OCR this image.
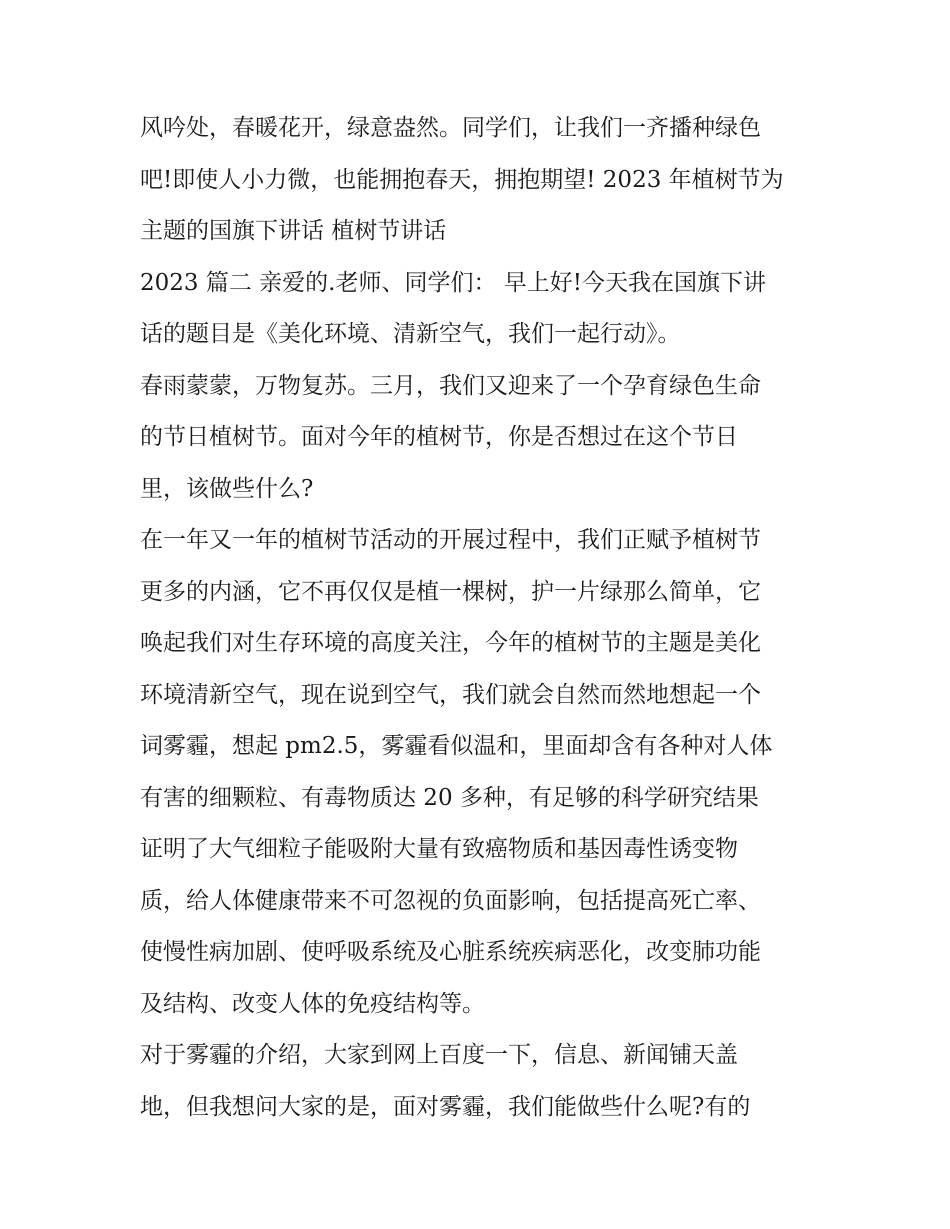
风吟处，春暖花开，绿意盎然。同学们，让我们一齐播种绿色
吧!即使人小力微，也能拥抱春天，拥抱期望! 2023 年植树节为
主题的国旗下讲话 植树节讲话
2023 篇二 亲爱的.老师、同学们： 早上好!今天我在国旗下讲
话的题目是《美化环境、清新空气，我们一起行动》。
春雨蒙蒙，万物复苏。三月，我们又迎来了一个孕育绿色生命
的节日植树节。面对今年的植树节，你是否想过在这个节日
里，该做些什么?
在一年又一年的植树节活动的开展过程中，我们正赋予植树节
更多的内涵，它不再仅仅是植一棵树，护一片绿那么简单，它
唤起我们对生存环境的高度关注，今年的植树节的主题是美化
环境清新空气，现在说到空气，我们就会自然而然地想起一个
词雾霾，想起 pm2.5，雾霾看似温和，里面却含有各种对人体
有害的细颗粒、有毒物质达 20 多种，有足够的科学研究结果
证明了大气细粒子能吸附大量有致癌物质和基因毒性诱变物
质，给人体健康带来不可忽视的负面影响，包括提高死亡率、
使慢性病加剧、使呼吸系统及心脏系统疾病恶化，改变肺功能
及结构、改变人体的免疫结构等。
对于雾霾的介绍，大家到网上百度一下，信息、新闻铺天盖
地，但我想问大家的是，面对雾霾，我们能做些什么呢?有的
